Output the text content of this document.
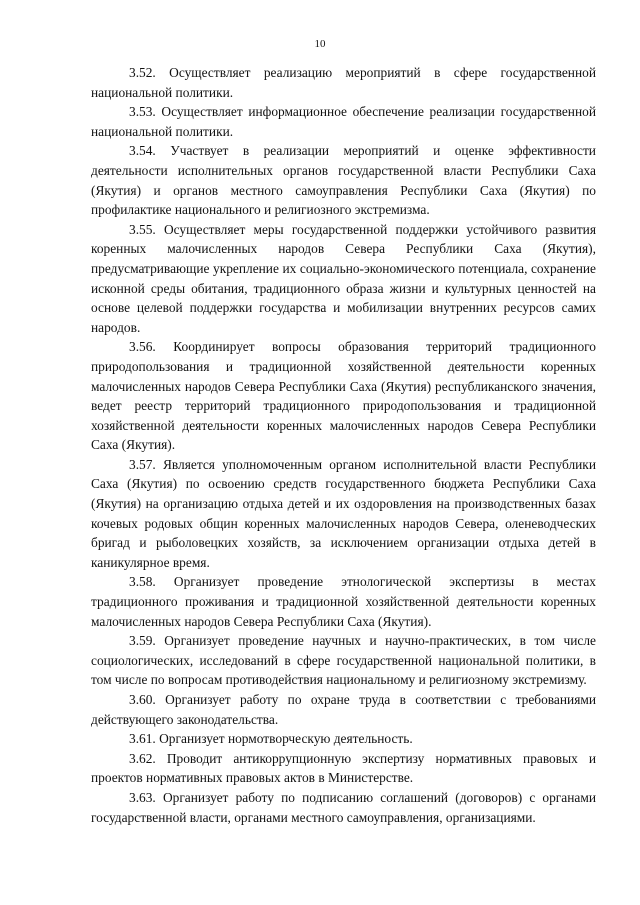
10

3.52. Осуществляет реализацию мероприятий в сфере государственной национальной политики.

3.53. Осуществляет информационное обеспечение реализации государственной национальной политики.

3.54. Участвует в реализации мероприятий и оценке эффективности деятельности исполнительных органов государственной власти Республики Саха (Якутия) и органов местного самоуправления Республики Саха (Якутия) по профилактике национального и религиозного экстремизма.

3.55. Осуществляет меры государственной поддержки устойчивого развития коренных малочисленных народов Севера Республики Саха (Якутия), предусматривающие укрепление их социально-экономического потенциала, сохранение исконной среды обитания, традиционного образа жизни и культурных ценностей на основе целевой поддержки государства и мобилизации внутренних ресурсов самих народов.

3.56. Координирует вопросы образования территорий традиционного природопользования и традиционной хозяйственной деятельности коренных малочисленных народов Севера Республики Саха (Якутия) республиканского значения, ведет реестр территорий традиционного природопользования и традиционной хозяйственной деятельности коренных малочисленных народов Севера Республики Саха (Якутия).

3.57. Является уполномоченным органом исполнительной власти Республики Саха (Якутия) по освоению средств государственного бюджета Республики Саха (Якутия) на организацию отдыха детей и их оздоровления на производственных базах кочевых родовых общин коренных малочисленных народов Севера, оленеводческих бригад и рыболовецких хозяйств, за исключением организации отдыха детей в каникулярное время.

3.58. Организует проведение этнологической экспертизы в местах традиционного проживания и традиционной хозяйственной деятельности коренных малочисленных народов Севера Республики Саха (Якутия).

3.59. Организует проведение научных и научно-практических, в том числе социологических, исследований в сфере государственной национальной политики, в том числе по вопросам противодействия национальному и религиозному экстремизму.

3.60. Организует работу по охране труда в соответствии с требованиями действующего законодательства.

3.61. Организует нормотворческую деятельность.

3.62. Проводит антикоррупционную экспертизу нормативных правовых и проектов нормативных правовых актов в Министерстве.

3.63. Организует работу по подписанию соглашений (договоров) с органами государственной власти, органами местного самоуправления, организациями.
